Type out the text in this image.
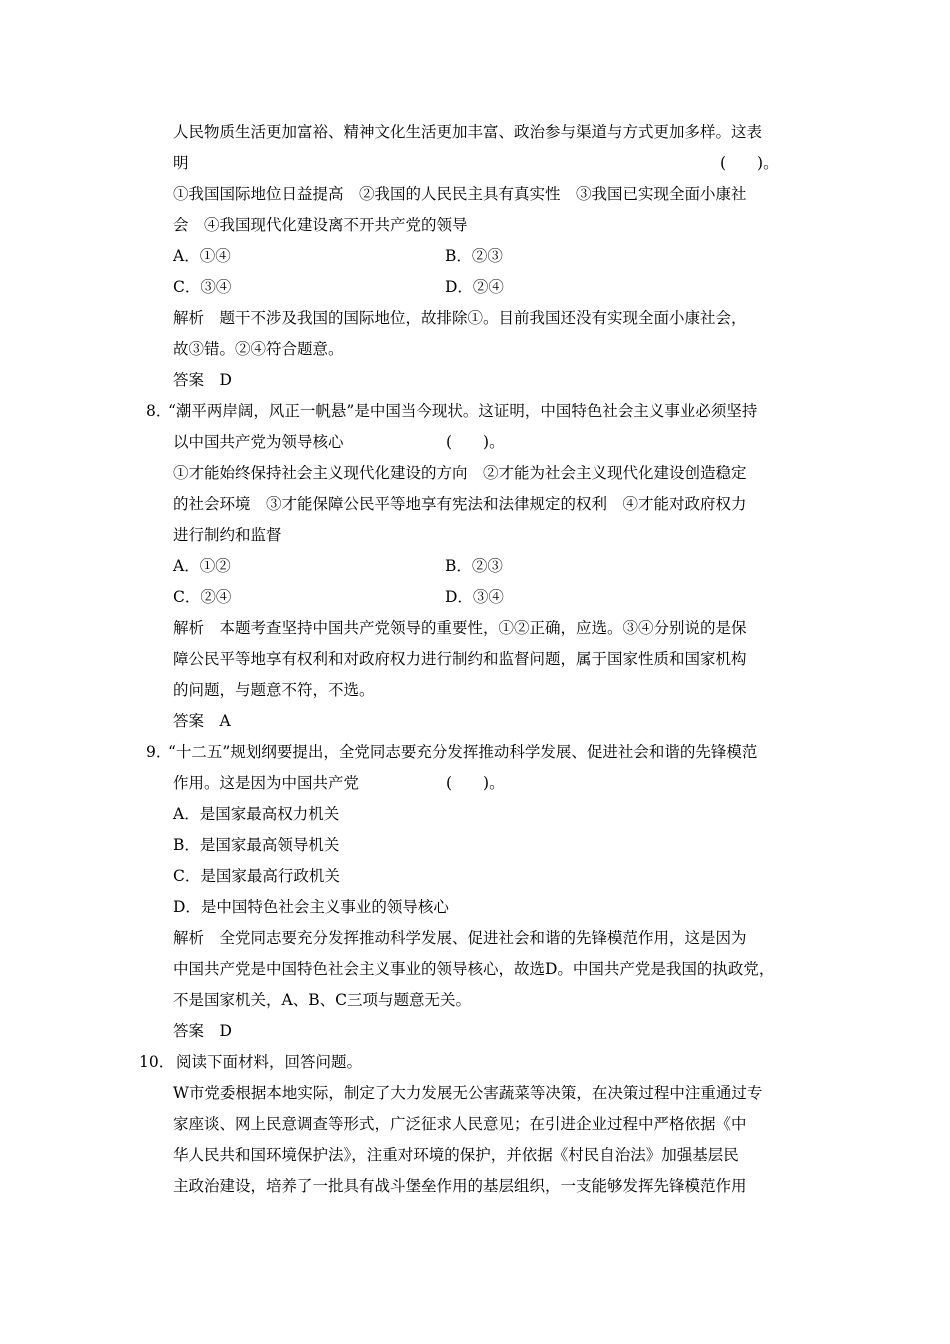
人民物质生活更加富裕、精神文化生活更加丰富、政治参与渠道与方式更加多样。这表
明	(　　)。
①我国国际地位日益提高　②我国的人民民主具有真实性　③我国已实现全面小康社
会　④我国现代化建设离不开共产党的领导
A．①④	B．②③
C．③④	D．②④
解析　题干不涉及我国的国际地位，故排除①。目前我国还没有实现全面小康社会，
故③错。②④符合题意。
答案　D
8．
“潮平两岸阔，风正一帆悬”是中国当今现状。这证明，中国特色社会主义事业必须坚持
以中国共产党为领导核心	(　　)。
①才能始终保持社会主义现代化建设的方向　②才能为社会主义现代化建设创造稳定
的社会环境　③才能保障公民平等地享有宪法和法律规定的权利　④才能对政府权力
进行制约和监督
A．①②	B．②③
C．②④	D．③④
解析　本题考查坚持中国共产党领导的重要性，①②正确，应选。③④分别说的是保
障公民平等地享有权利和对政府权力进行制约和监督问题，属于国家性质和国家机构
的问题，与题意不符，不选。
答案　A
9．
“十二五”规划纲要提出，全党同志要充分发挥推动科学发展、促进社会和谐的先锋模范
作用。这是因为中国共产党	(　　)。
A．是国家最高权力机关
B．是国家最高领导机关
C．是国家最高行政机关
D．是中国特色社会主义事业的领导核心
解析　全党同志要充分发挥推动科学发展、促进社会和谐的先锋模范作用，这是因为
中国共产党是中国特色社会主义事业的领导核心，故选D。中国共产党是我国的执政党，
不是国家机关，A、B、C三项与题意无关。
答案　D
10． 阅读下面材料，回答问题。
W市党委根据本地实际，制定了大力发展无公害蔬菜等决策，在决策过程中注重通过专
家座谈、网上民意调查等形式，广泛征求人民意见；在引进企业过程中严格依据《中
华人民共和国环境保护法》，注重对环境的保护，并依据《村民自治法》加强基层民
主政治建设，培养了一批具有战斗堡垒作用的基层组织，一支能够发挥先锋模范作用
